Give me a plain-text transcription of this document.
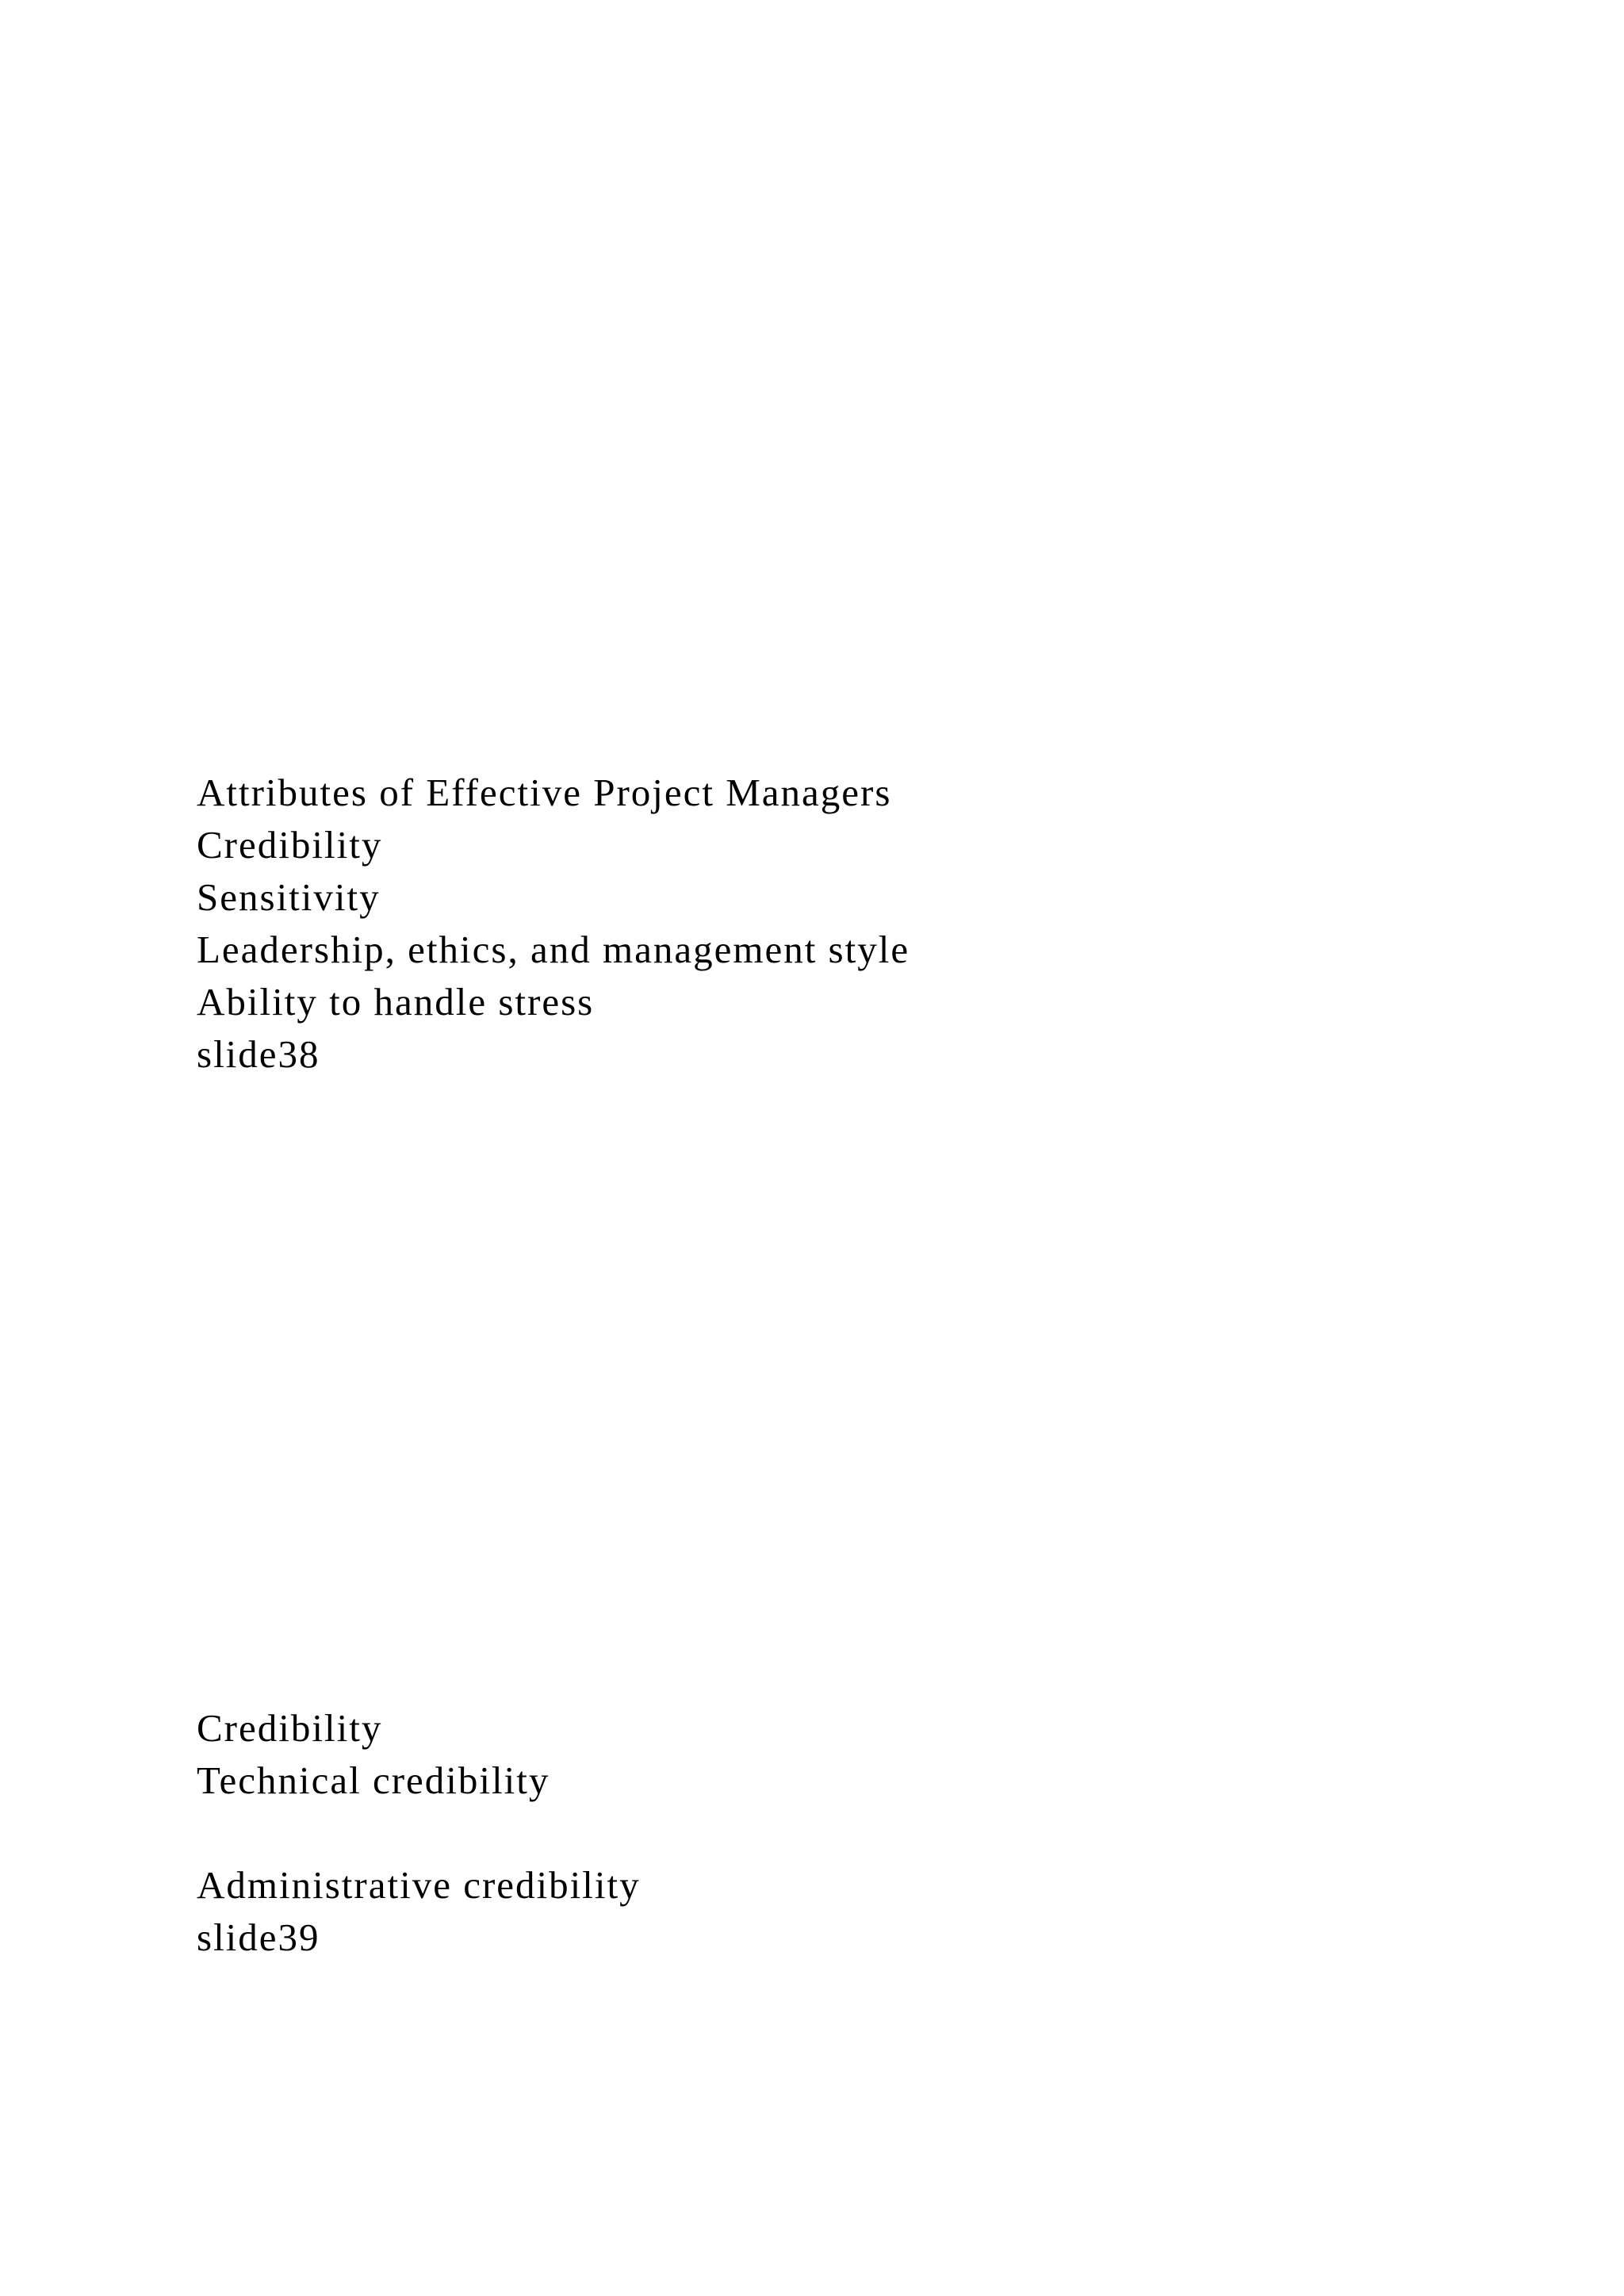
Attributes of Effective Project Managers
Credibility
Sensitivity
Leadership, ethics, and management style
Ability to handle stress
slide38
Credibility
Technical credibility
Administrative credibility
slide39
